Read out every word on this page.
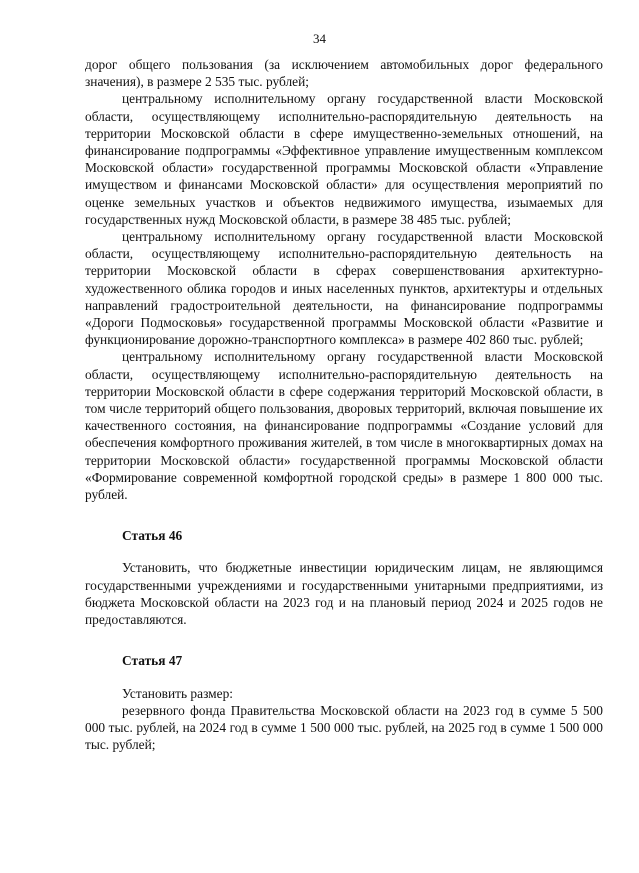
34

дорог общего пользования (за исключением автомобильных дорог федерального значения), в размере 2 535 тыс. рублей;

центральному исполнительному органу государственной власти Московской области, осуществляющему исполнительно-распорядительную деятельность на территории Московской области в сфере имущественно-земельных отношений, на финансирование подпрограммы «Эффективное управление имущественным комплексом Московской области» государственной программы Московской области «Управление имуществом и финансами Московской области» для осуществления мероприятий по оценке земельных участков и объектов недвижимого имущества, изымаемых для государственных нужд Московской области, в размере 38 485 тыс. рублей;

центральному исполнительному органу государственной власти Московской области, осуществляющему исполнительно-распорядительную деятельность на территории Московской области в сферах совершенствования архитектурно-художественного облика городов и иных населенных пунктов, архитектуры и отдельных направлений градостроительной деятельности, на финансирование подпрограммы «Дороги Подмосковья» государственной программы Московской области «Развитие и функционирование дорожно-транспортного комплекса» в размере 402 860 тыс. рублей;

центральному исполнительному органу государственной власти Московской области, осуществляющему исполнительно-распорядительную деятельность на территории Московской области в сфере содержания территорий Московской области, в том числе территорий общего пользования, дворовых территорий, включая повышение их качественного состояния, на финансирование подпрограммы «Создание условий для обеспечения комфортного проживания жителей, в том числе в многоквартирных домах на территории Московской области» государственной программы Московской области «Формирование современной комфортной городской среды» в размере 1 800 000 тыс. рублей.

Статья 46

Установить, что бюджетные инвестиции юридическим лицам, не являющимся государственными учреждениями и государственными унитарными предприятиями, из бюджета Московской области на 2023 год и на плановый период 2024 и 2025 годов не предоставляются.

Статья 47

Установить размер:

резервного фонда Правительства Московской области на 2023 год в сумме 5 500 000 тыс. рублей, на 2024 год в сумме 1 500 000 тыс. рублей, на 2025 год в сумме 1 500 000 тыс. рублей;
